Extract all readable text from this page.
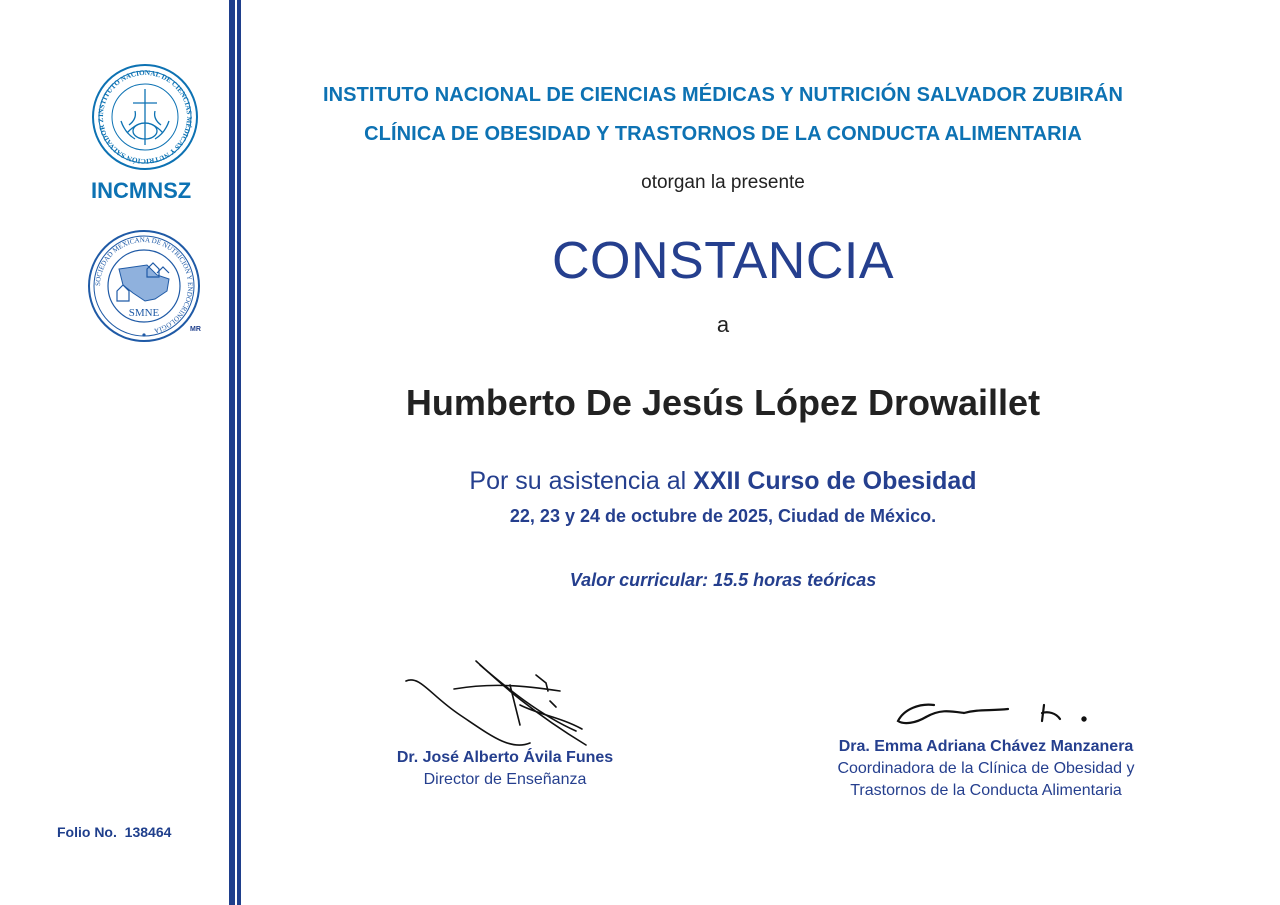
INSTITUTO NACIONAL DE CIENCIAS MÉDICAS Y NUTRICIÓN SALVADOR Z
INCMNSZ
SOCIEDAD MEXICANA DE NUTRICIÓN Y ENDOCRINOLOGÍA
SMNE
MR
INSTITUTO NACIONAL DE CIENCIAS MÉDICAS Y NUTRICIÓN SALVADOR ZUBIRÁN
CLÍNICA DE OBESIDAD Y TRASTORNOS DE LA CONDUCTA ALIMENTARIA
otorgan la presente
CONSTANCIA
a
Humberto De Jesús López Drowaillet
Por su asistencia al XXII Curso de Obesidad
22, 23 y 24 de octubre de 2025, Ciudad de México.
Valor curricular: 15.5 horas teóricas
Dr. José Alberto Ávila Funes
Director de Enseñanza
Dra. Emma Adriana Chávez Manzanera
Coordinadora de la Clínica de Obesidad y
Trastornos de la Conducta Alimentaria
Folio No. 138464
